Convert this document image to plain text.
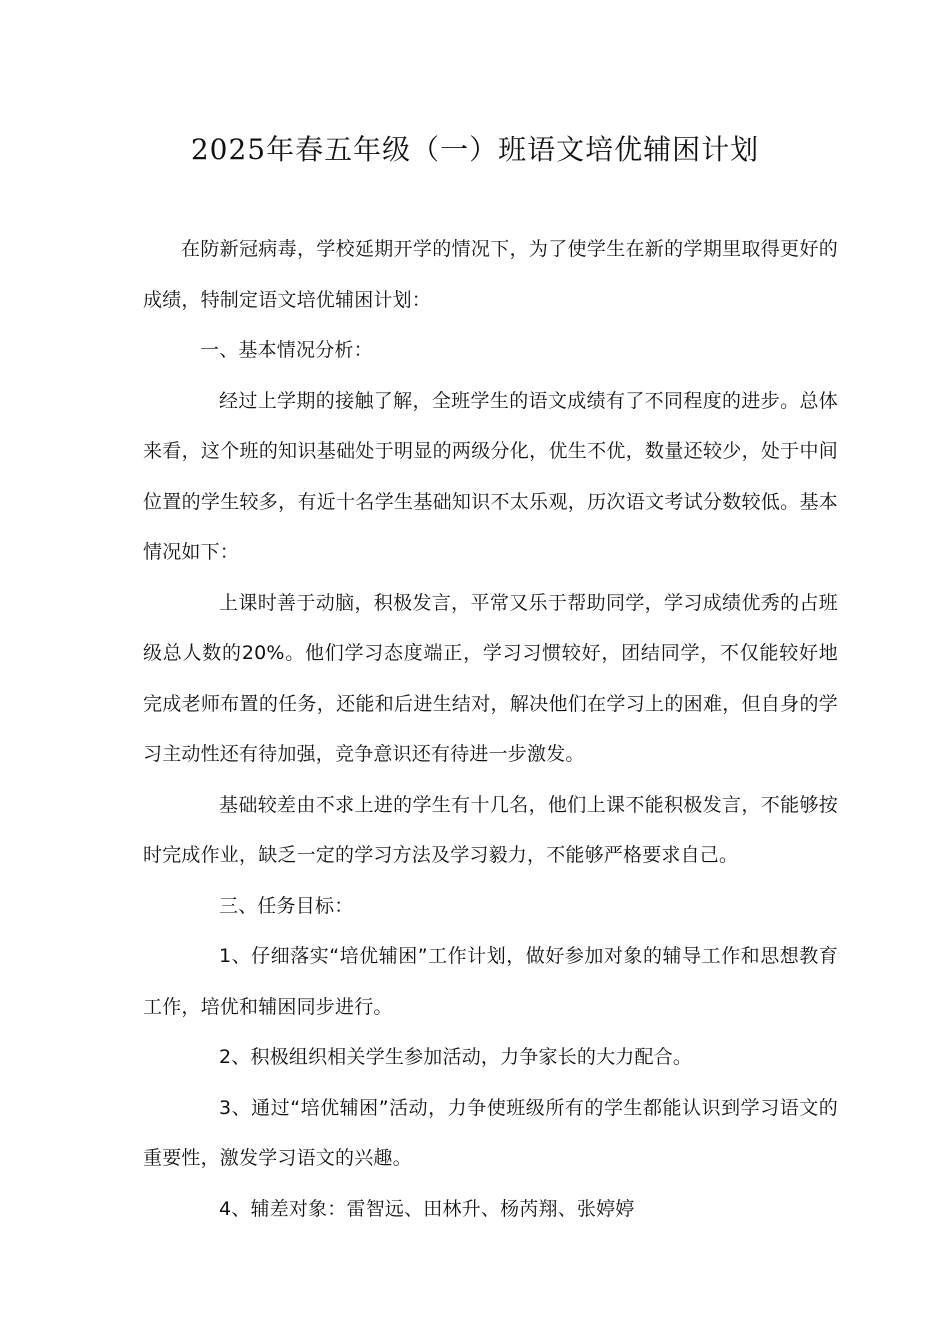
2025年春五年级（一）班语文培优辅困计划

在防新冠病毒，学校延期开学的情况下，为了使学生在新的学期里取得更好的成绩，特制定语文培优辅困计划：

一、基本情况分析：

经过上学期的接触了解，全班学生的语文成绩有了不同程度的进步。总体来看，这个班的知识基础处于明显的两级分化，优生不优，数量还较少，处于中间位置的学生较多，有近十名学生基础知识不太乐观，历次语文考试分数较低。基本情况如下：

上课时善于动脑，积极发言，平常又乐于帮助同学，学习成绩优秀的占班级总人数的20%。他们学习态度端正，学习习惯较好，团结同学，不仅能较好地完成老师布置的任务，还能和后进生结对，解决他们在学习上的困难，但自身的学习主动性还有待加强，竞争意识还有待进一步激发。

基础较差由不求上进的学生有十几名，他们上课不能积极发言，不能够按时完成作业，缺乏一定的学习方法及学习毅力，不能够严格要求自己。

三、任务目标：

1、仔细落实“培优辅困”工作计划，做好参加对象的辅导工作和思想教育工作，培优和辅困同步进行。

2、积极组织相关学生参加活动，力争家长的大力配合。

3、通过“培优辅困”活动，力争使班级所有的学生都能认识到学习语文的重要性，激发学习语文的兴趣。

4、辅差对象：雷智远、田林升、杨芮翔、张婷婷
